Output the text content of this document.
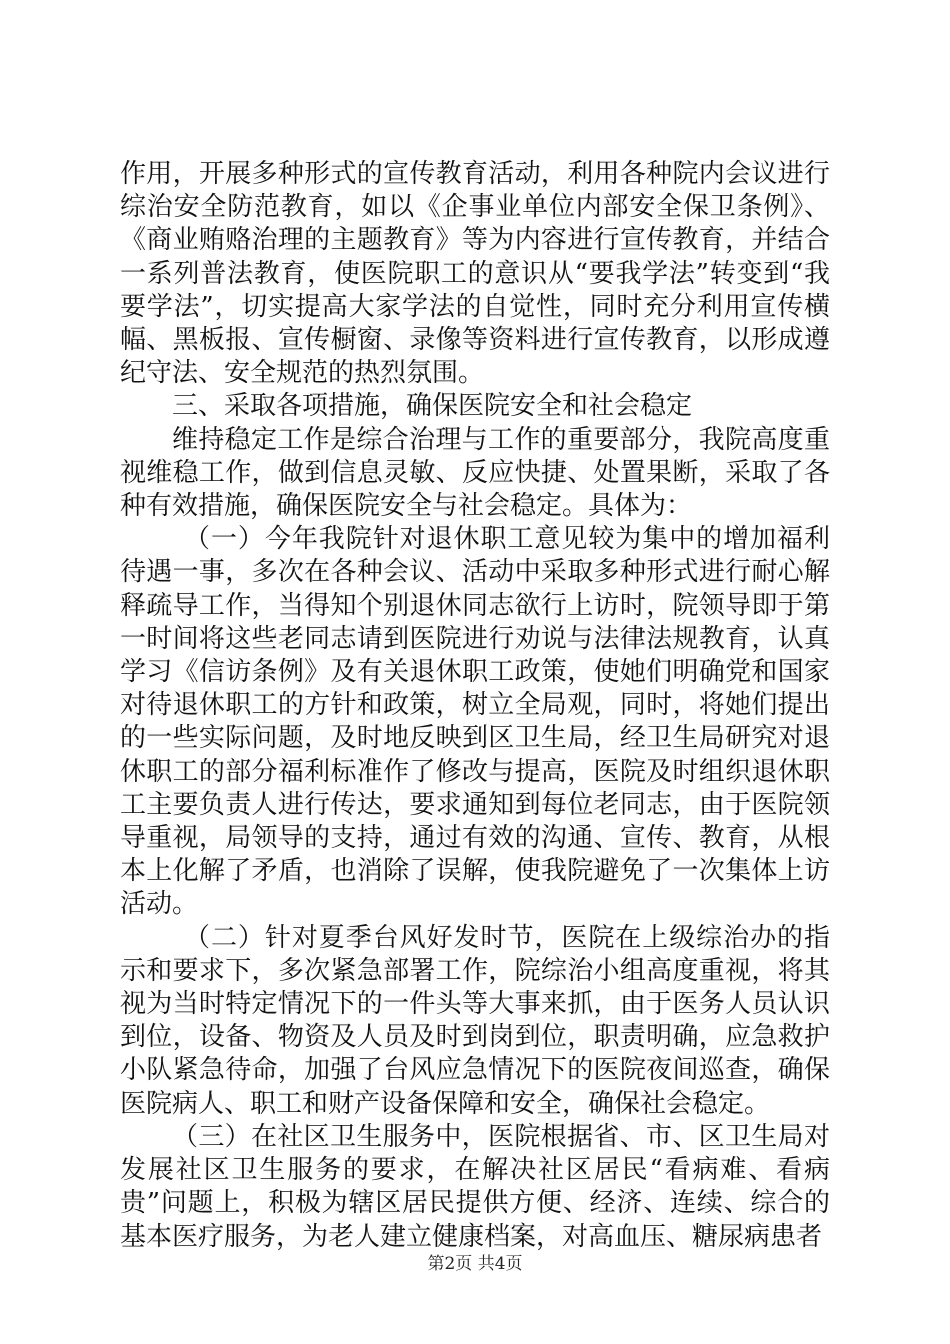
作用，开展多种形式的宣传教育活动，利用各种院内会议进行综治安全防范教育，如以《企事业单位内部安全保卫条例》、《商业贿赂治理的主题教育》等为内容进行宣传教育，并结合一系列普法教育，使医院职工的意识从“要我学法”转变到“我要学法”，切实提高大家学法的自觉性，同时充分利用宣传横幅、黑板报、宣传橱窗、录像等资料进行宣传教育，以形成遵纪守法、安全规范的热烈氛围。

三、采取各项措施，确保医院安全和社会稳定

维持稳定工作是综合治理与工作的重要部分，我院高度重视维稳工作，做到信息灵敏、反应快捷、处置果断，采取了各种有效措施，确保医院安全与社会稳定。具体为：

（一）今年我院针对退休职工意见较为集中的增加福利待遇一事，多次在各种会议、活动中采取多种形式进行耐心解释疏导工作，当得知个别退休同志欲行上访时，院领导即于第一时间将这些老同志请到医院进行劝说与法律法规教育，认真学习《信访条例》及有关退休职工政策，使她们明确党和国家对待退休职工的方针和政策，树立全局观，同时，将她们提出的一些实际问题，及时地反映到区卫生局，经卫生局研究对退休职工的部分福利标准作了修改与提高，医院及时组织退休职工主要负责人进行传达，要求通知到每位老同志，由于医院领导重视，局领导的支持，通过有效的沟通、宣传、教育，从根本上化解了矛盾，也消除了误解，使我院避免了一次集体上访活动。

（二）针对夏季台风好发时节，医院在上级综治办的指示和要求下，多次紧急部署工作，院综治小组高度重视，将其视为当时特定情况下的一件头等大事来抓，由于医务人员认识到位，设备、物资及人员及时到岗到位，职责明确，应急救护小队紧急待命，加强了台风应急情况下的医院夜间巡查，确保医院病人、职工和财产设备保障和安全，确保社会稳定。

（三）在社区卫生服务中，医院根据省、市、区卫生局对发展社区卫生服务的要求，在解决社区居民“看病难、看病贵”问题上，积极为辖区居民提供方便、经济、连续、综合的基本医疗服务，为老人建立健康档案，对高血压、糖尿病患者

第2页 共4页
